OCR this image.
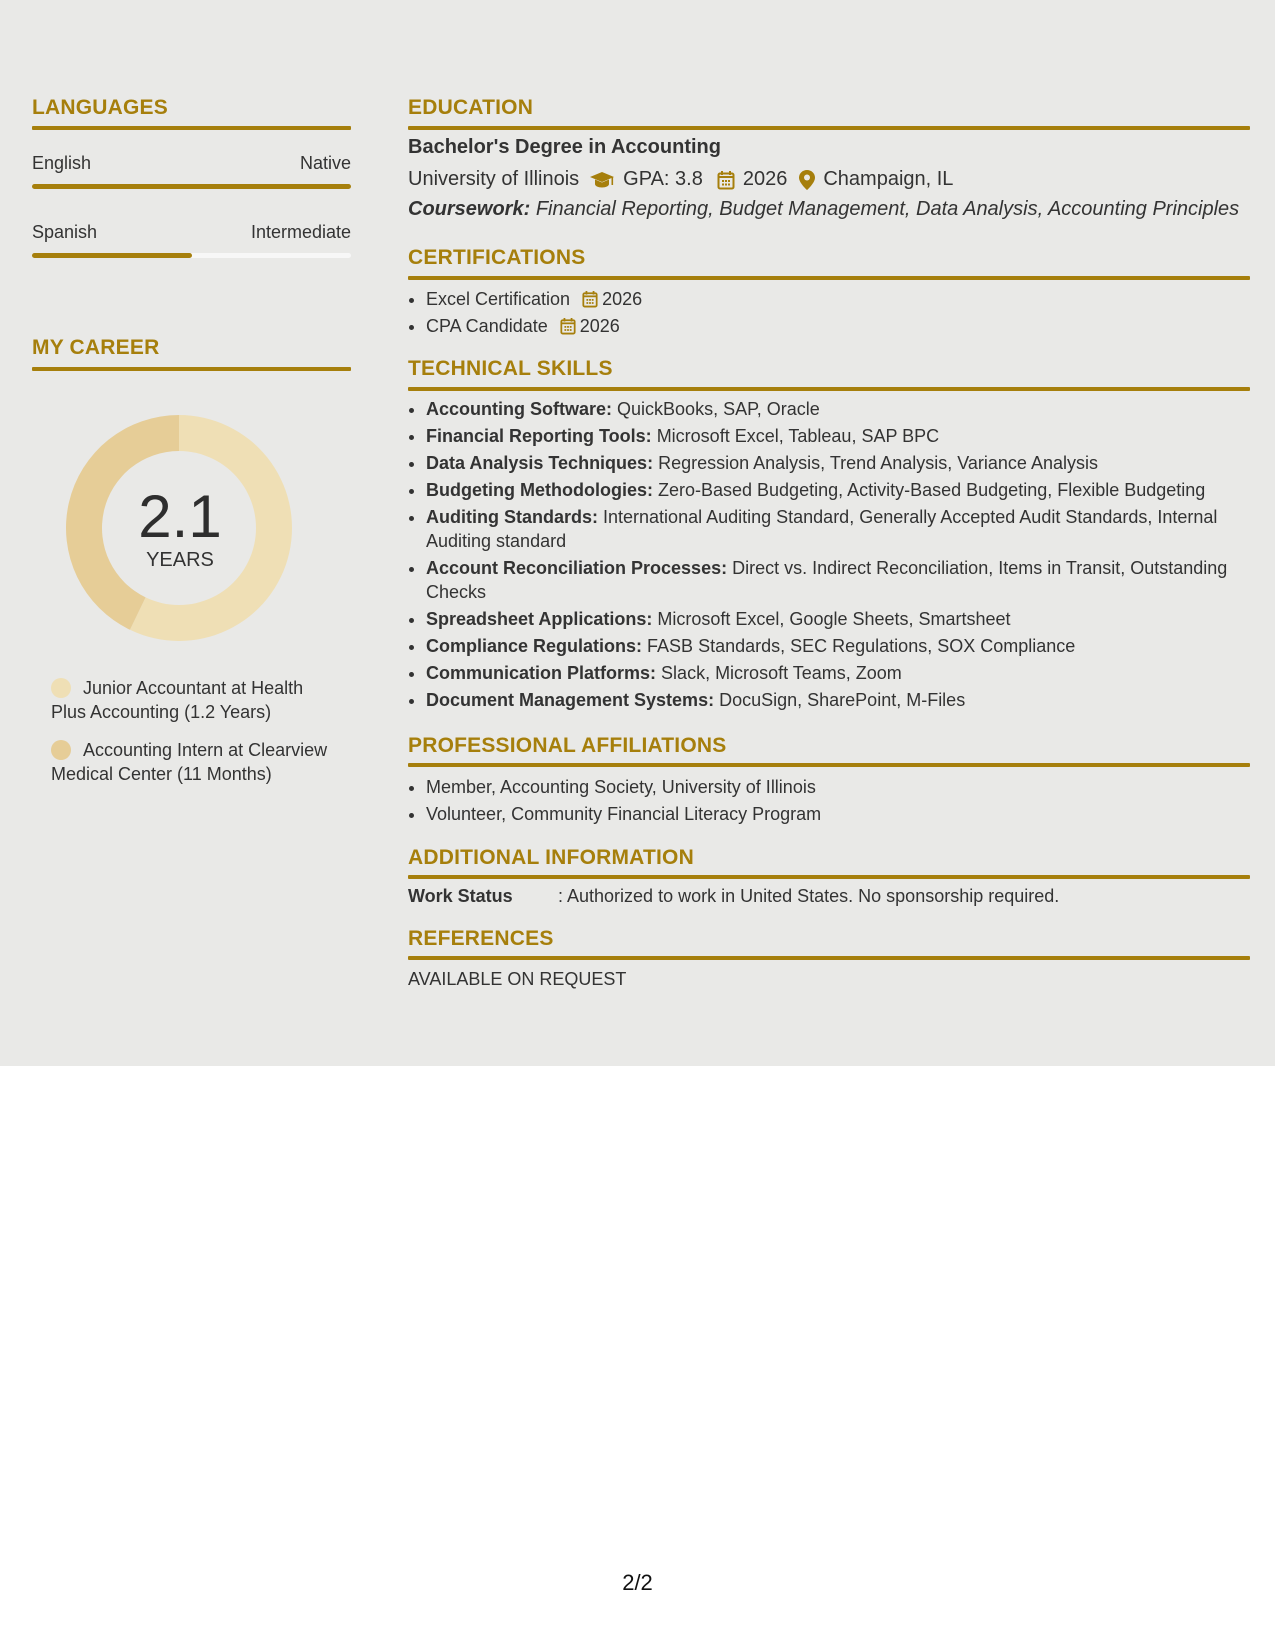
LANGUAGES
English	Native
Spanish	Intermediate
MY CAREER
2.1
YEARS
Junior Accountant at Health Plus Accounting (1.2 Years)
Accounting Intern at Clearview Medical Center (11 Months)
EDUCATION
Bachelor's Degree in Accounting
University of Illinois GPA: 3.8 2026 Champaign, IL
Coursework: Financial Reporting, Budget Management, Data Analysis, Accounting Principles
CERTIFICATIONS
• Excel Certification 2026
• CPA Candidate 2026
TECHNICAL SKILLS
• Accounting Software: QuickBooks, SAP, Oracle
• Financial Reporting Tools: Microsoft Excel, Tableau, SAP BPC
• Data Analysis Techniques: Regression Analysis, Trend Analysis, Variance Analysis
• Budgeting Methodologies: Zero-Based Budgeting, Activity-Based Budgeting, Flexible Budgeting
• Auditing Standards: International Auditing Standard, Generally Accepted Audit Standards, Internal Auditing standard
• Account Reconciliation Processes: Direct vs. Indirect Reconciliation, Items in Transit, Outstanding Checks
• Spreadsheet Applications: Microsoft Excel, Google Sheets, Smartsheet
• Compliance Regulations: FASB Standards, SEC Regulations, SOX Compliance
• Communication Platforms: Slack, Microsoft Teams, Zoom
• Document Management Systems: DocuSign, SharePoint, M-Files
PROFESSIONAL AFFILIATIONS
• Member, Accounting Society, University of Illinois
• Volunteer, Community Financial Literacy Program
ADDITIONAL INFORMATION
Work Status	: Authorized to work in United States. No sponsorship required.
REFERENCES
AVAILABLE ON REQUEST
2/2
